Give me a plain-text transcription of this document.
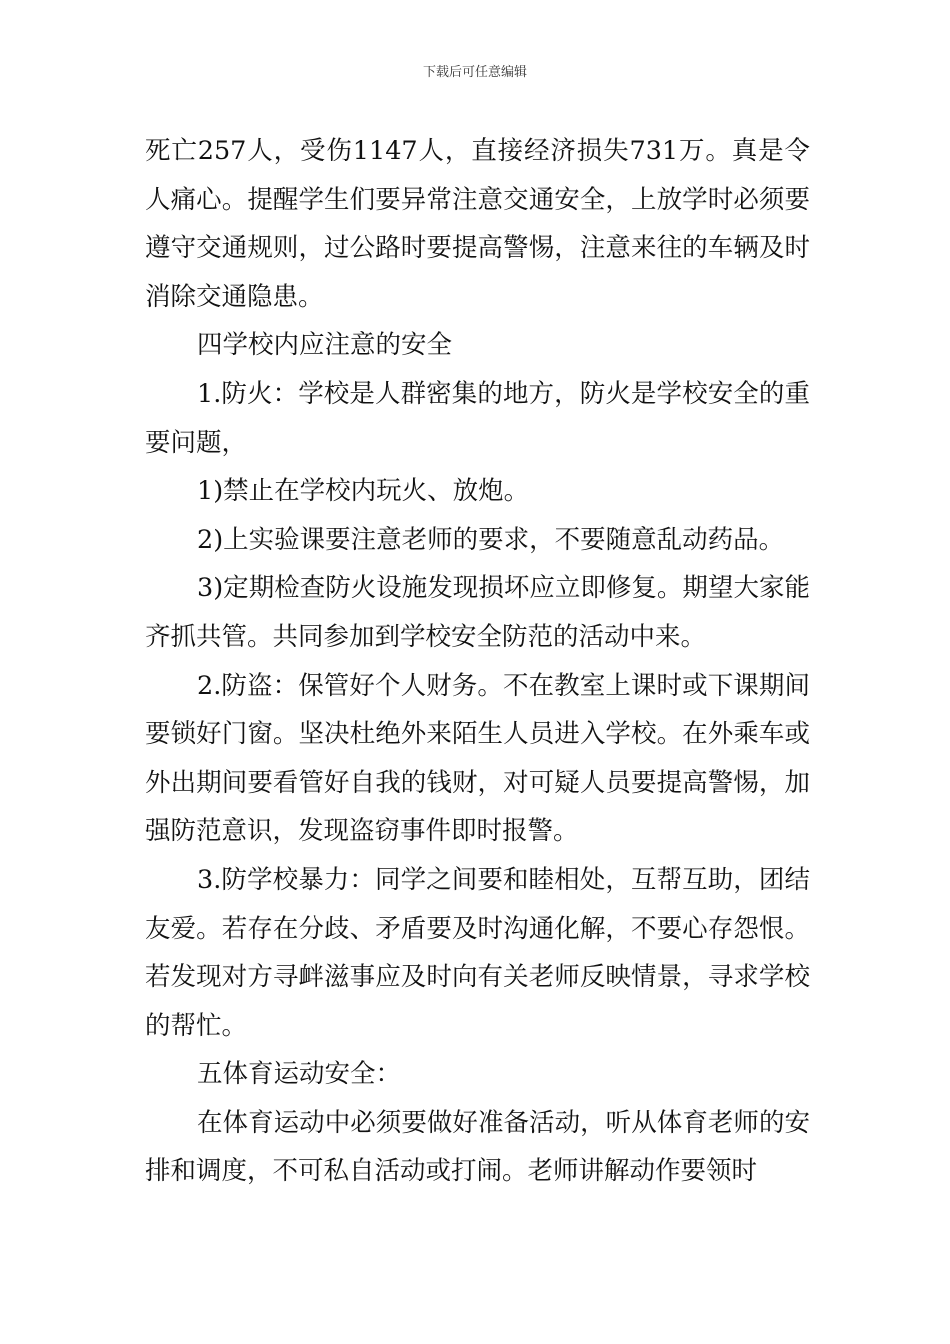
下载后可任意编辑

死亡257人，受伤1147人，直接经济损失731万。真是令人痛心。提醒学生们要异常注意交通安全，上放学时必须要遵守交通规则，过公路时要提高警惕，注意来往的车辆及时消除交通隐患。

四学校内应注意的安全

1.防火：学校是人群密集的地方，防火是学校安全的重要问题，

1)禁止在学校内玩火、放炮。

2)上实验课要注意老师的要求，不要随意乱动药品。

3)定期检查防火设施发现损坏应立即修复。期望大家能齐抓共管。共同参加到学校安全防范的活动中来。

2.防盗：保管好个人财务。不在教室上课时或下课期间要锁好门窗。坚决杜绝外来陌生人员进入学校。在外乘车或外出期间要看管好自我的钱财，对可疑人员要提高警惕，加强防范意识，发现盗窃事件即时报警。

3.防学校暴力：同学之间要和睦相处，互帮互助，团结友爱。若存在分歧、矛盾要及时沟通化解，不要心存怨恨。若发现对方寻衅滋事应及时向有关老师反映情景，寻求学校的帮忙。

五体育运动安全：

在体育运动中必须要做好准备活动，听从体育老师的安排和调度，不可私自活动或打闹。老师讲解动作要领时
